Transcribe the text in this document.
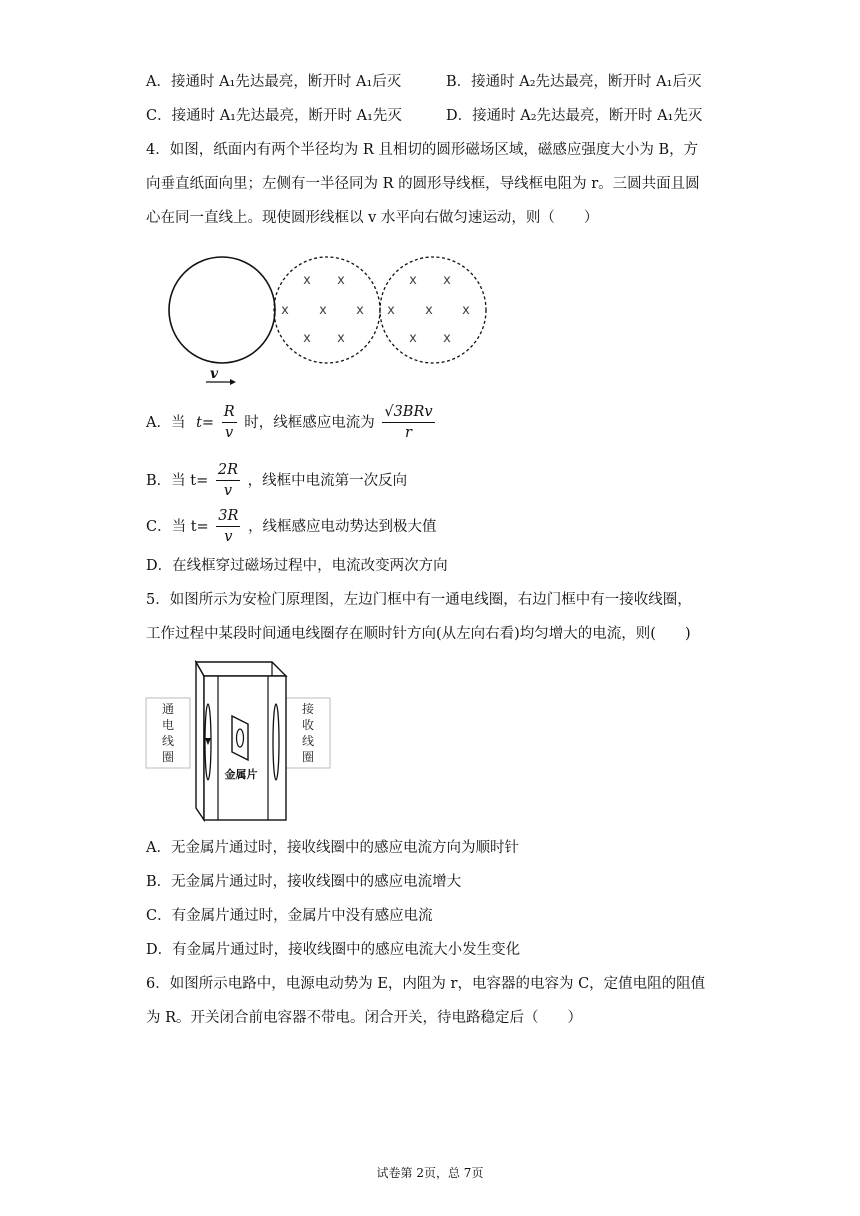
A．接通时 A₁先达最亮，断开时 A₁后灭	B．接通时 A₂先达最亮，断开时 A₁后灭
C．接通时 A₁先达最亮，断开时 A₁先灭	D．接通时 A₂先达最亮，断开时 A₁先灭
4．如图，纸面内有两个半径均为 R 且相切的圆形磁场区域，磁感应强度大小为 B，方
向垂直纸面向里；左侧有一半径同为 R 的圆形导线框，导线框电阻为 r。三圆共面且圆
心在同一直线上。现使圆形线框以 v 水平向右做匀速运动，则（　　）
x x
x x x
x x
x x
x x x
x x
v
A．当 $t= \frac{R}{v}$ 时，线框感应电流为 $\frac{\text{√3BRv}}{r}$
B．当 $t= \frac{2R}{v}$ ，线框中电流第一次反向
C．当 $t= \frac{3R}{v}$ ，线框感应电动势达到极大值
D．在线框穿过磁场过程中，电流改变两次方向
5．如图所示为安检门原理图，左边门框中有一通电线圈，右边门框中有一接收线圈，
工作过程中某段时间通电线圈存在顺时针方向(从左向右看)均匀增大的电流，则(　　)
通
电
线
圈
接
收
线
圈
金属片
A．无金属片通过时，接收线圈中的感应电流方向为顺时针
B．无金属片通过时，接收线圈中的感应电流增大
C．有金属片通过时，金属片中没有感应电流
D．有金属片通过时，接收线圈中的感应电流大小发生变化
6．如图所示电路中，电源电动势为 E，内阻为 r，电容器的电容为 C，定值电阻的阻值
为 R。开关闭合前电容器不带电。闭合开关，待电路稳定后（　　）
试卷第 2页，总 7页
